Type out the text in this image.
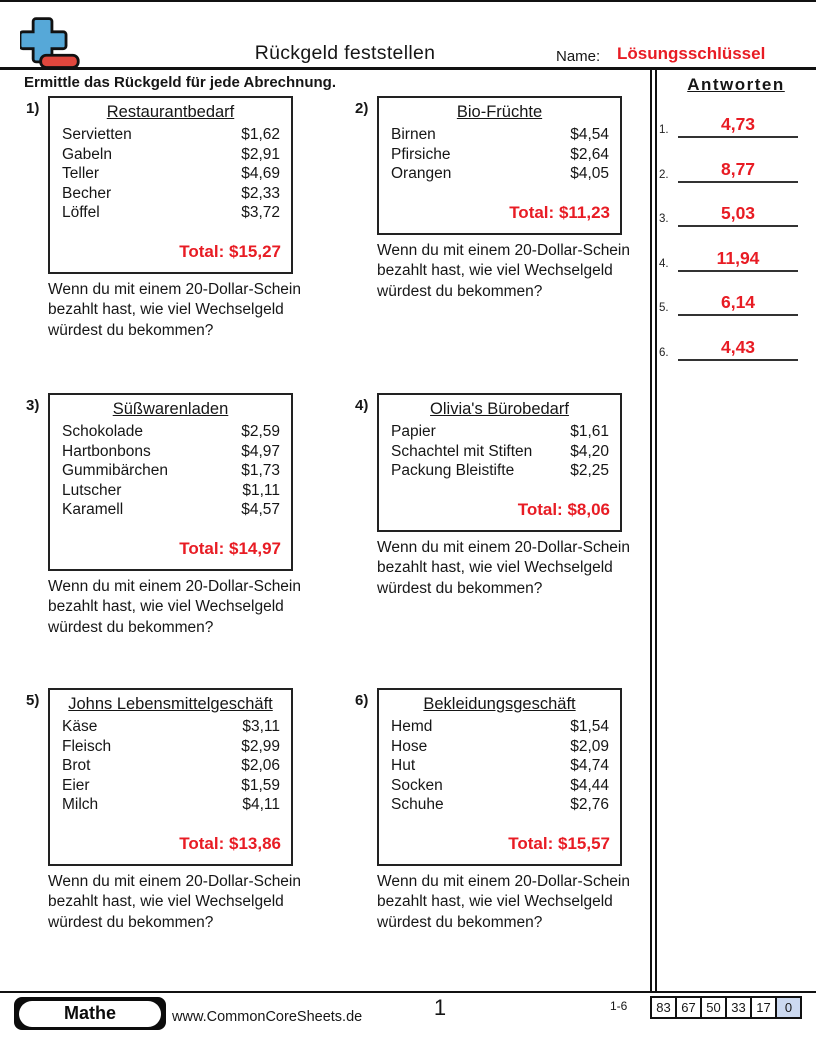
Rückgeld feststellen	Name: Lösungsschlüssel
Ermittle das Rückgeld für jede Abrechnung.	Antworten
1.	4,73
2.	8,77
3.	5,03
4.	11,94
5.	6,14
6.	4,43
1)	Restaurantbedarf
Servietten	$1,62
Gabeln	$2,91
Teller	$4,69
Becher	$2,33
Löffel	$3,72
Total: $15,27
Wenn du mit einem 20-Dollar-Schein
bezahlt hast, wie viel Wechselgeld
würdest du bekommen?
2)	Bio-Früchte
Birnen	$4,54
Pfirsiche	$2,64
Orangen	$4,05
Total: $11,23
Wenn du mit einem 20-Dollar-Schein
bezahlt hast, wie viel Wechselgeld
würdest du bekommen?
3)	Süßwarenladen
Schokolade	$2,59
Hartbonbons	$4,97
Gummibärchen	$1,73
Lutscher	$1,11
Karamell	$4,57
Total: $14,97
Wenn du mit einem 20-Dollar-Schein
bezahlt hast, wie viel Wechselgeld
würdest du bekommen?
4)	Olivia's Bürobedarf
Papier	$1,61
Schachtel mit Stiften $4,20
Packung Bleistifte	$2,25
Total: $8,06
Wenn du mit einem 20-Dollar-Schein
bezahlt hast, wie viel Wechselgeld
würdest du bekommen?
5)	Johns Lebensmittelgeschäft
Käse	$3,11
Fleisch	$2,99
Brot	$2,06
Eier	$1,59
Milch	$4,11
Total: $13,86
Wenn du mit einem 20-Dollar-Schein
bezahlt hast, wie viel Wechselgeld
würdest du bekommen?
6)	Bekleidungsgeschäft
Hemd	$1,54
Hose	$2,09
Hut	$4,74
Socken	$4,44
Schuhe	$2,76
Total: $15,57
Wenn du mit einem 20-Dollar-Schein
bezahlt hast, wie viel Wechselgeld
würdest du bekommen?
Mathe	www.CommonCoreSheets.de	1	1-6	83 67 50 33 17	0
